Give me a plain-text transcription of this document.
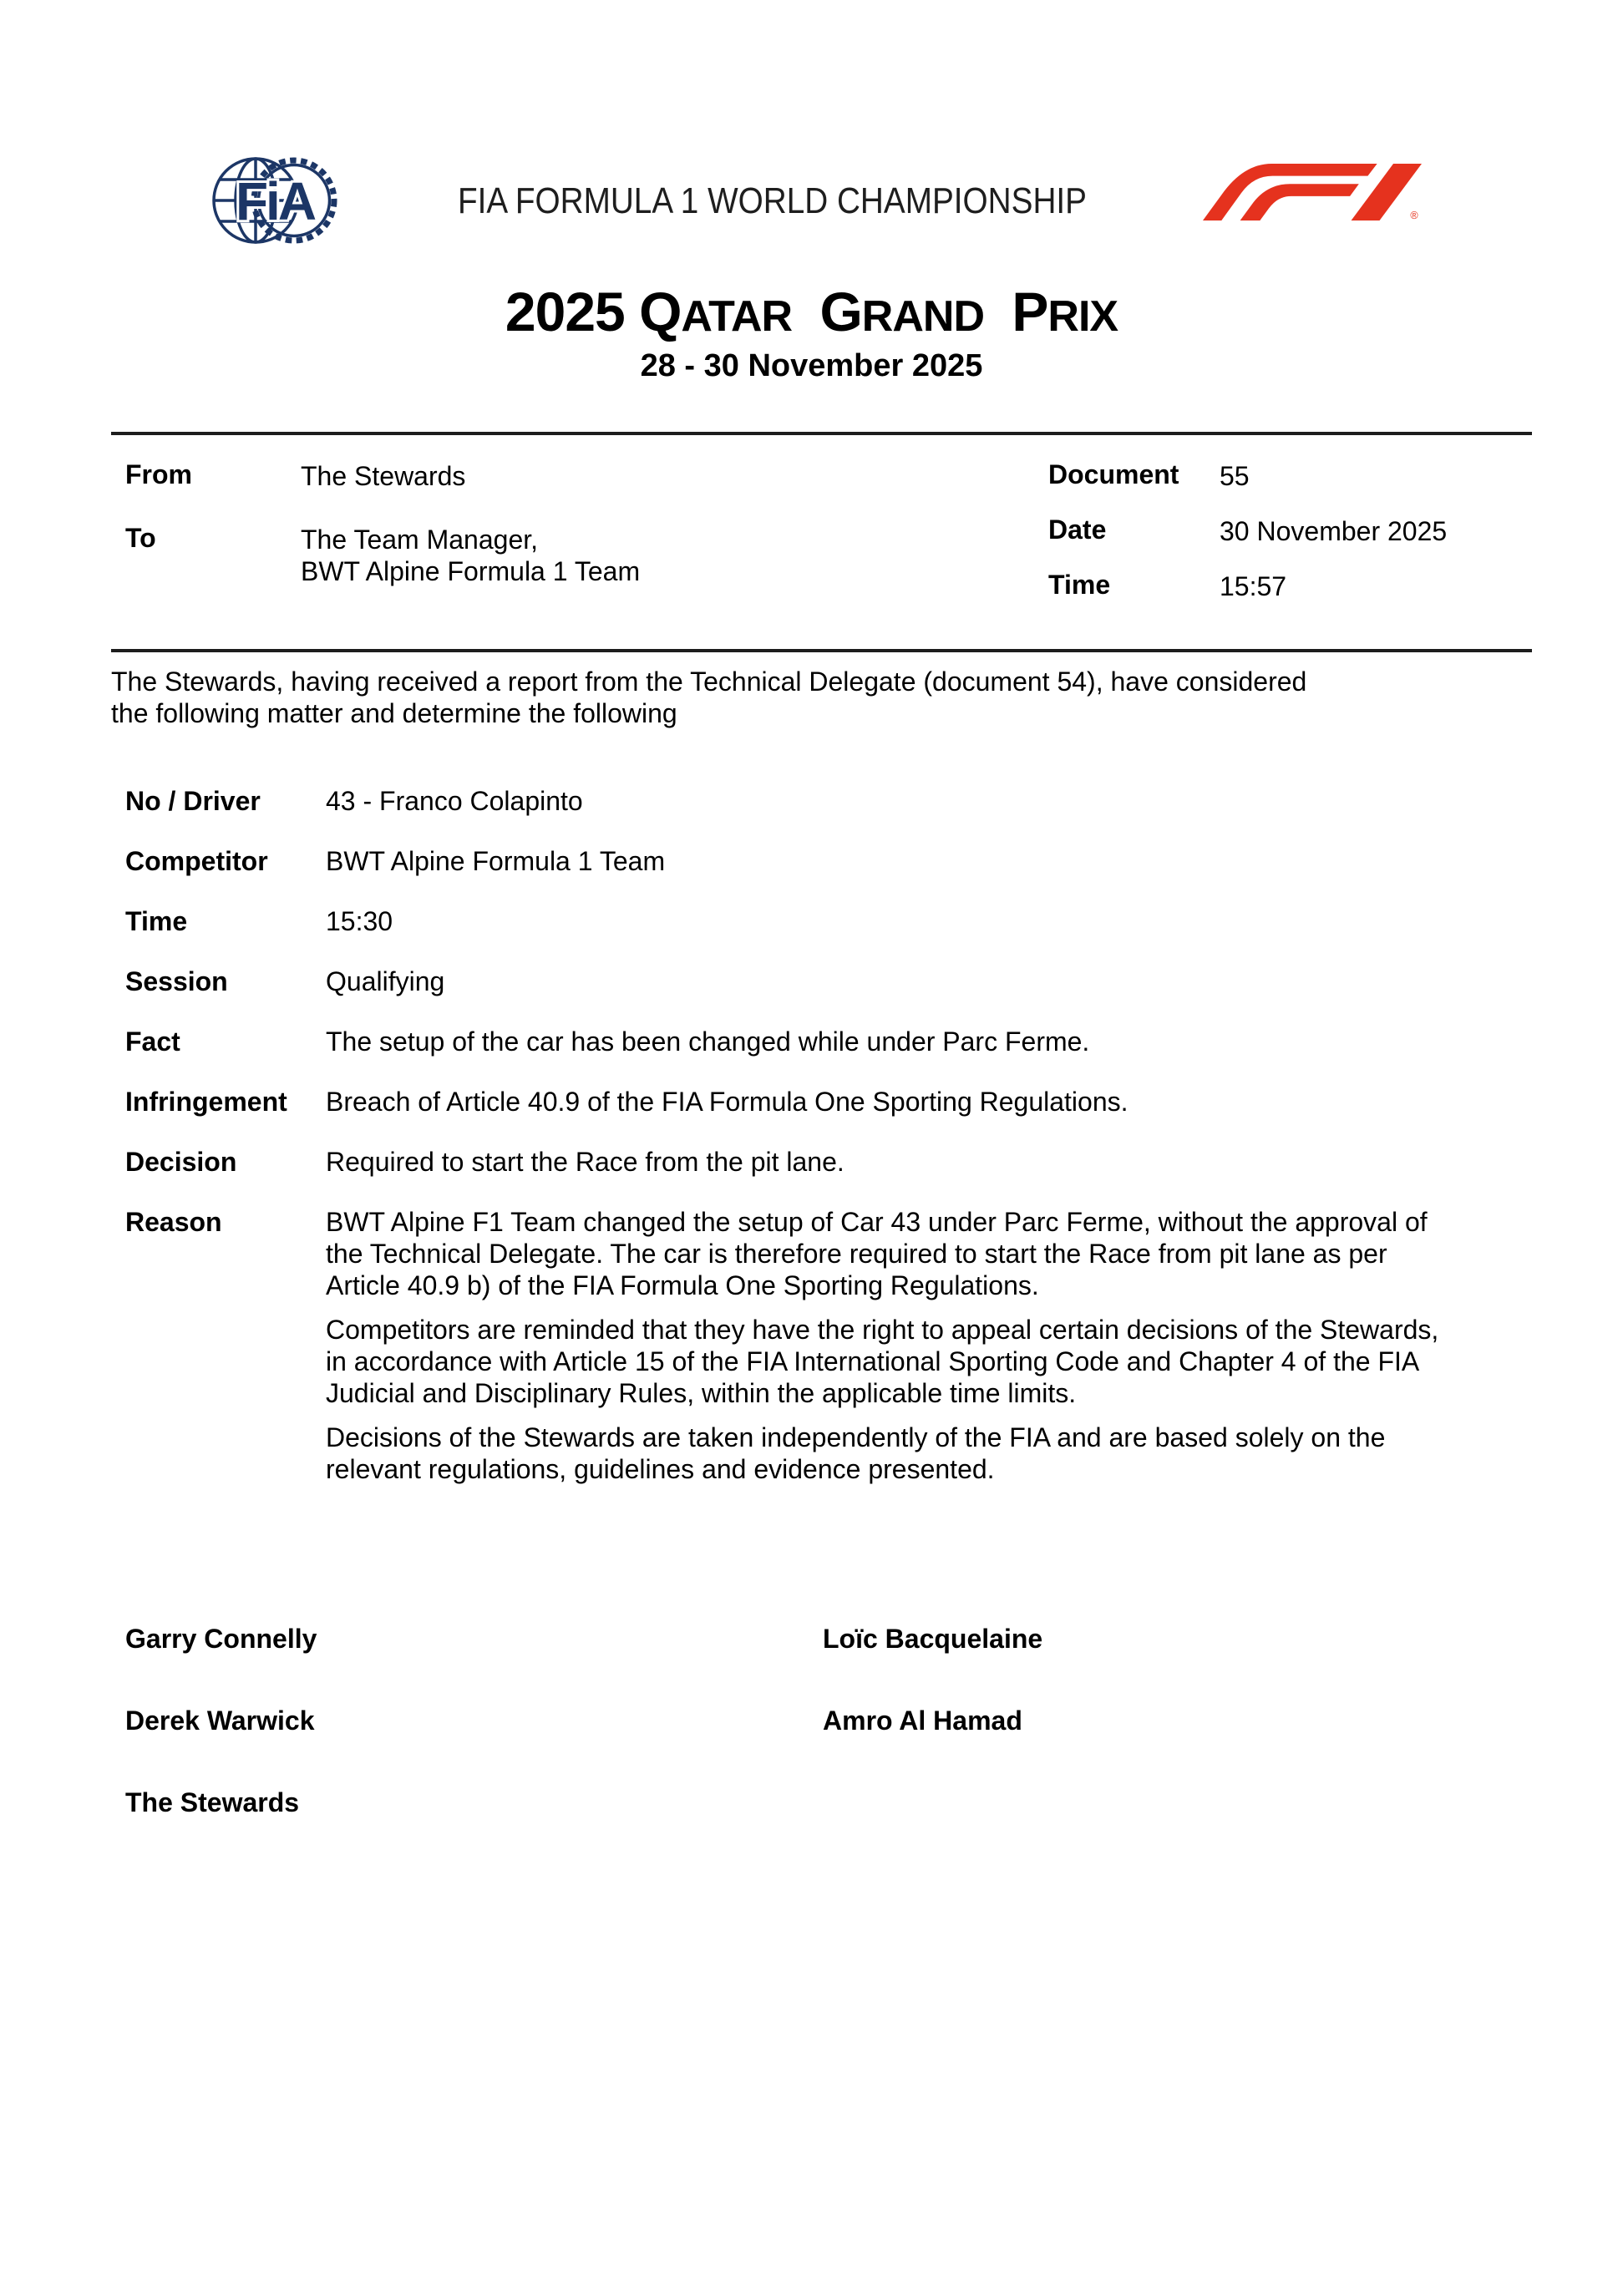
FiA	FIA FORMULA 1 WORLD CHAMPIONSHIP	®
2025 QATAR GRAND PRIX
28 - 30 November 2025
From	The Stewards
To	The Team Manager,
BWT Alpine Formula 1 Team
Document 55
Date	30 November 2025
Time	15:57
The Stewards, having received a report from the Technical Delegate (document 54), have considered the following matter and determine the following
No / Driver	43 - Franco Colapinto
Competitor	BWT Alpine Formula 1 Team
Time	15:30
Session	Qualifying
Fact	The setup of the car has been changed while under Parc Ferme.
Infringement	Breach of Article 40.9 of the FIA Formula One Sporting Regulations.
Decision	Required to start the Race from the pit lane.
Reason	BWT Alpine F1 Team changed the setup of Car 43 under Parc Ferme, without the approval of the Technical Delegate. The car is therefore required to start the Race from pit lane as per Article 40.9 b) of the FIA Formula One Sporting Regulations.

Competitors are reminded that they have the right to appeal certain decisions of the Stewards, in accordance with Article 15 of the FIA International Sporting Code and Chapter 4 of the FIA Judicial and Disciplinary Rules, within the applicable time limits.

Decisions of the Stewards are taken independently of the FIA and are based solely on the relevant regulations, guidelines and evidence presented.

Garry Connelly	Loïc Bacquelaine
Derek Warwick	Amro Al Hamad
The Stewards
